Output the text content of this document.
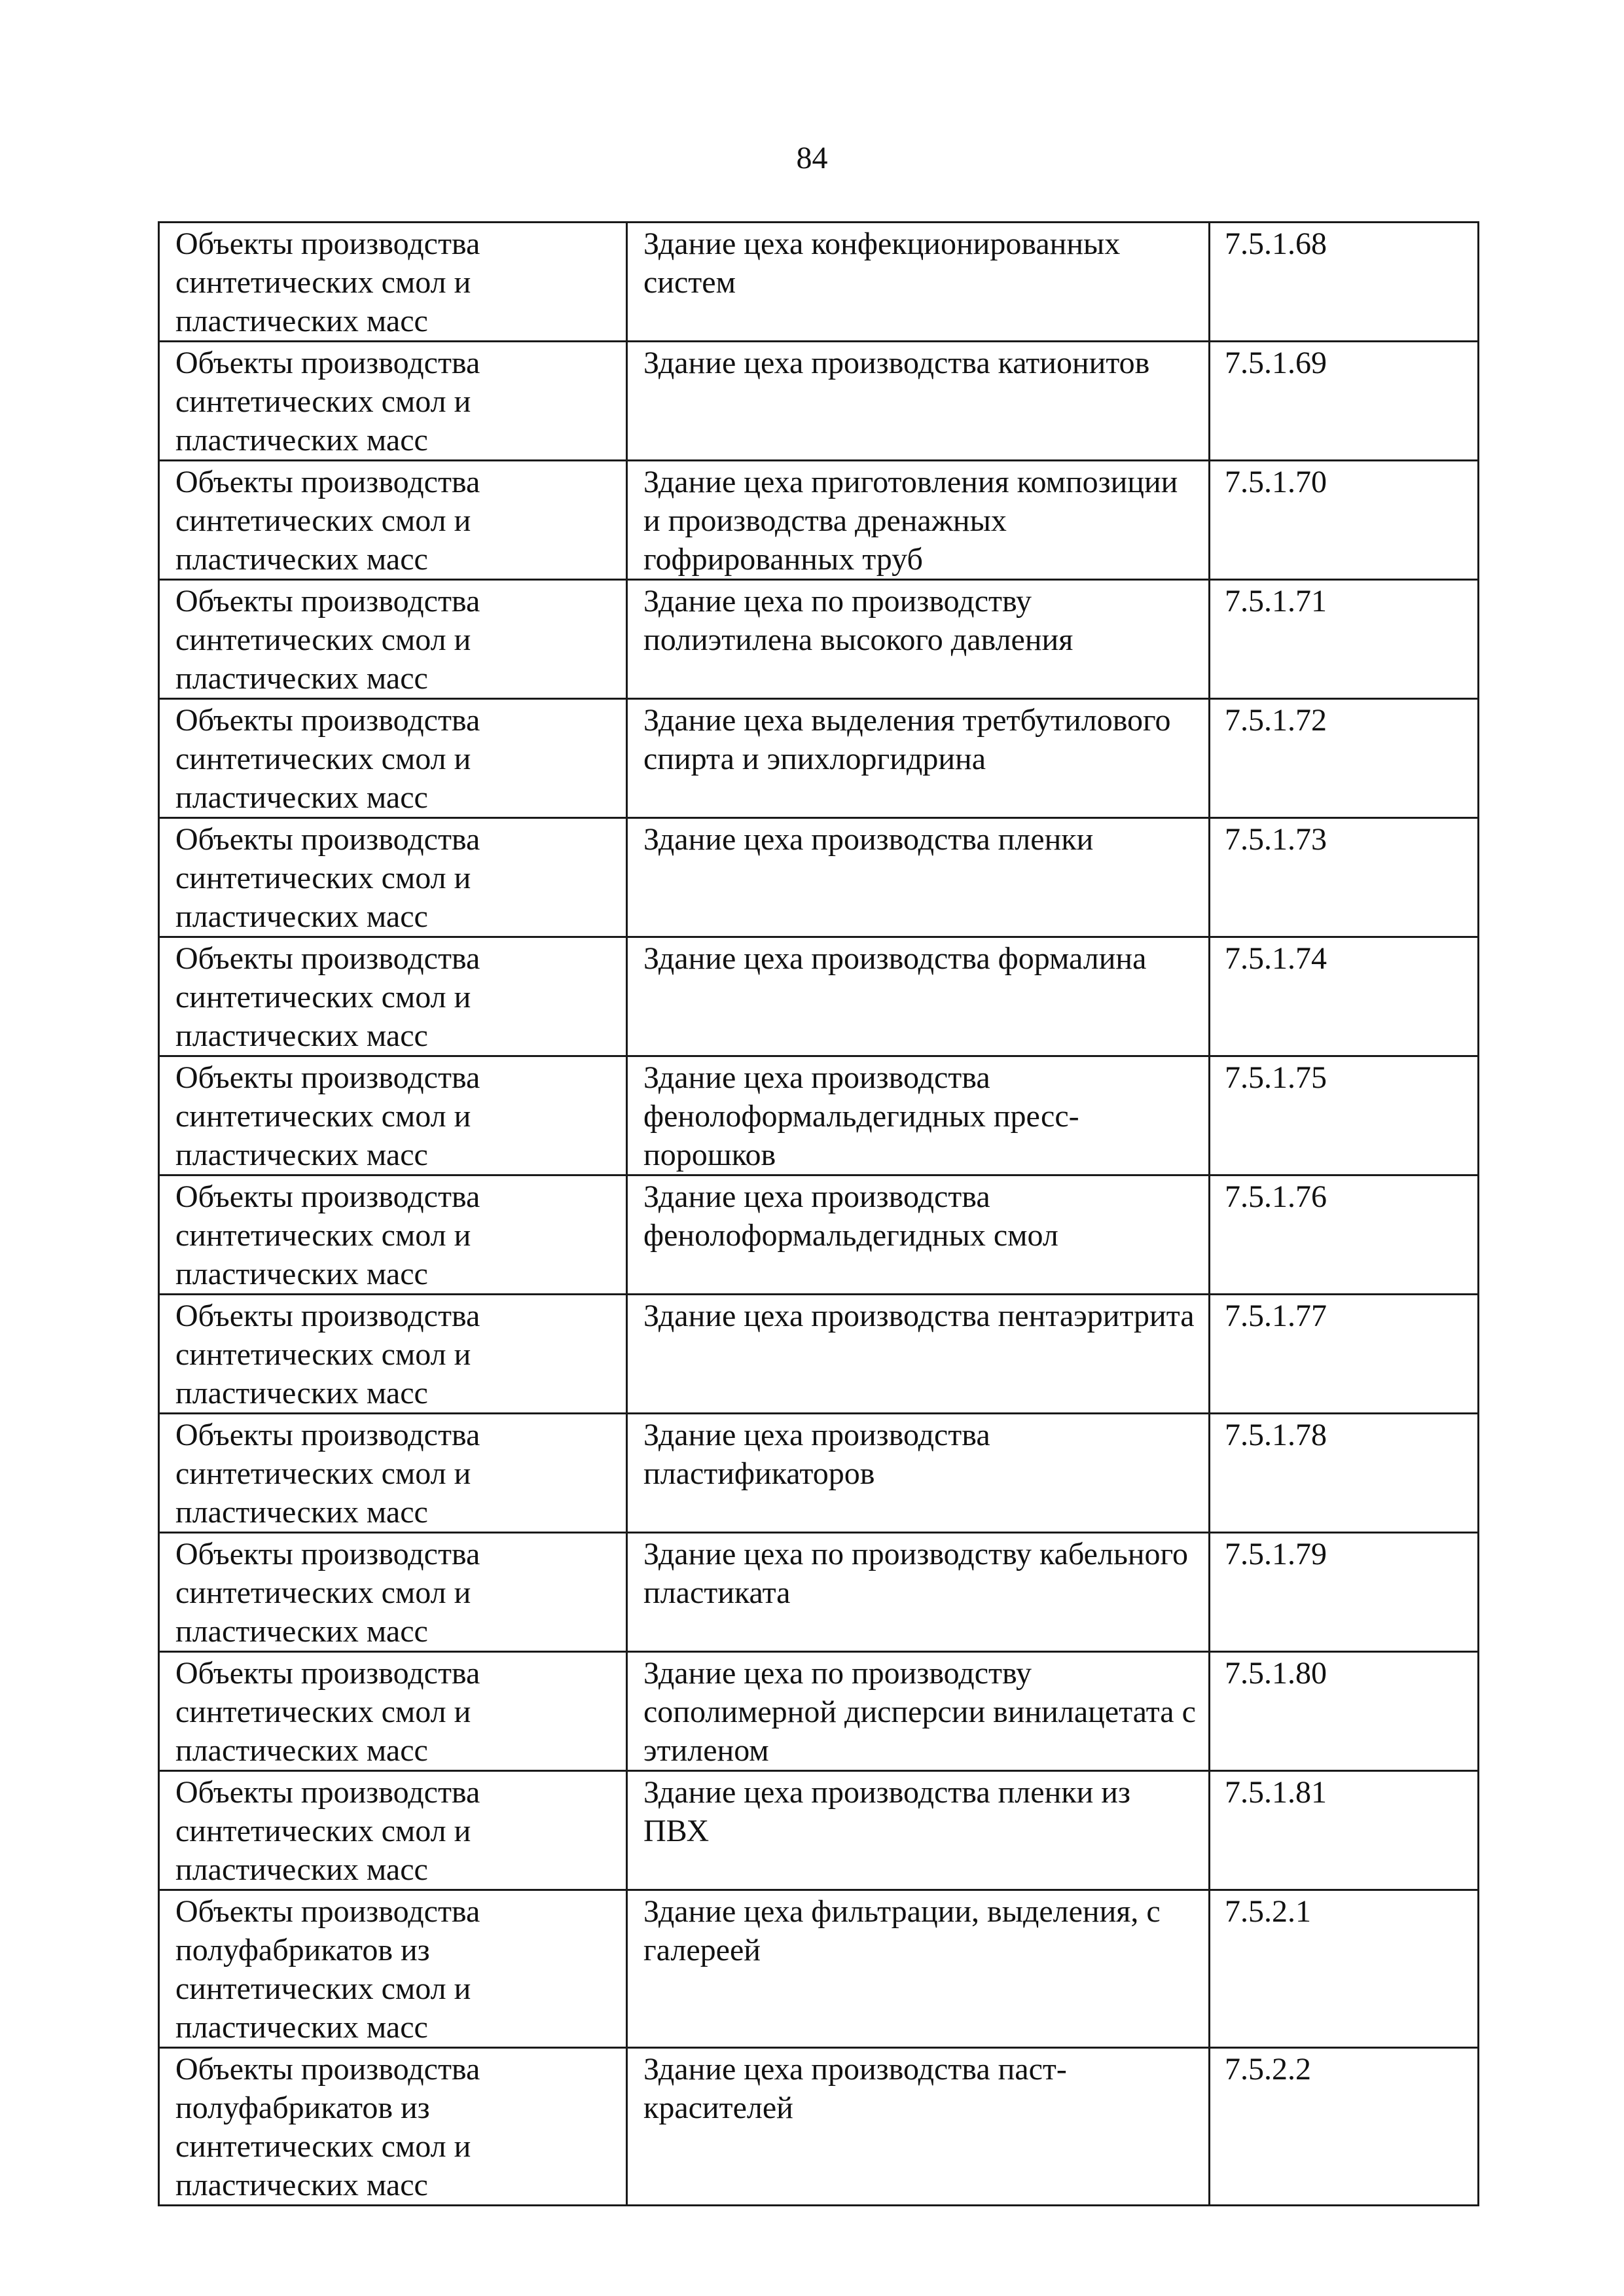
84
Объекты производства синтетических смол и пластических масс	Здание цеха конфекционированных систем	7.5.1.68
Объекты производства синтетических смол и пластических масс	Здание цеха производства катионитов	7.5.1.69
Объекты производства синтетических смол и пластических масс	Здание цеха приготовления композиции и производства дренажных гофрированных труб	7.5.1.70
Объекты производства синтетических смол и пластических масс	Здание цеха по производству полиэтилена высокого давления	7.5.1.71
Объекты производства синтетических смол и пластических масс	Здание цеха выделения третбутилового спирта и эпихлоргидрина	7.5.1.72
Объекты производства синтетических смол и пластических масс	Здание цеха производства пленки	7.5.1.73
Объекты производства синтетических смол и пластических масс	Здание цеха производства формалина	7.5.1.74
Объекты производства синтетических смол и пластических масс	Здание цеха производства фенолоформальдегидных пресс-порошков	7.5.1.75
Объекты производства синтетических смол и пластических масс	Здание цеха производства фенолоформальдегидных смол	7.5.1.76
Объекты производства синтетических смол и пластических масс	Здание цеха производства пентаэритрита	7.5.1.77
Объекты производства синтетических смол и пластических масс	Здание цеха производства пластификаторов	7.5.1.78
Объекты производства синтетических смол и пластических масс	Здание цеха по производству кабельного пластиката	7.5.1.79
Объекты производства синтетических смол и пластических масс	Здание цеха по производству сополимерной дисперсии винилацетата с этиленом	7.5.1.80
Объекты производства синтетических смол и пластических масс	Здание цеха производства пленки из ПВХ	7.5.1.81
Объекты производства полуфабрикатов из синтетических смол и пластических масс	Здание цеха фильтрации, выделения, с галереей	7.5.2.1
Объекты производства полуфабрикатов из синтетических смол и пластических масс	Здание цеха производства паст-красителей	7.5.2.2
